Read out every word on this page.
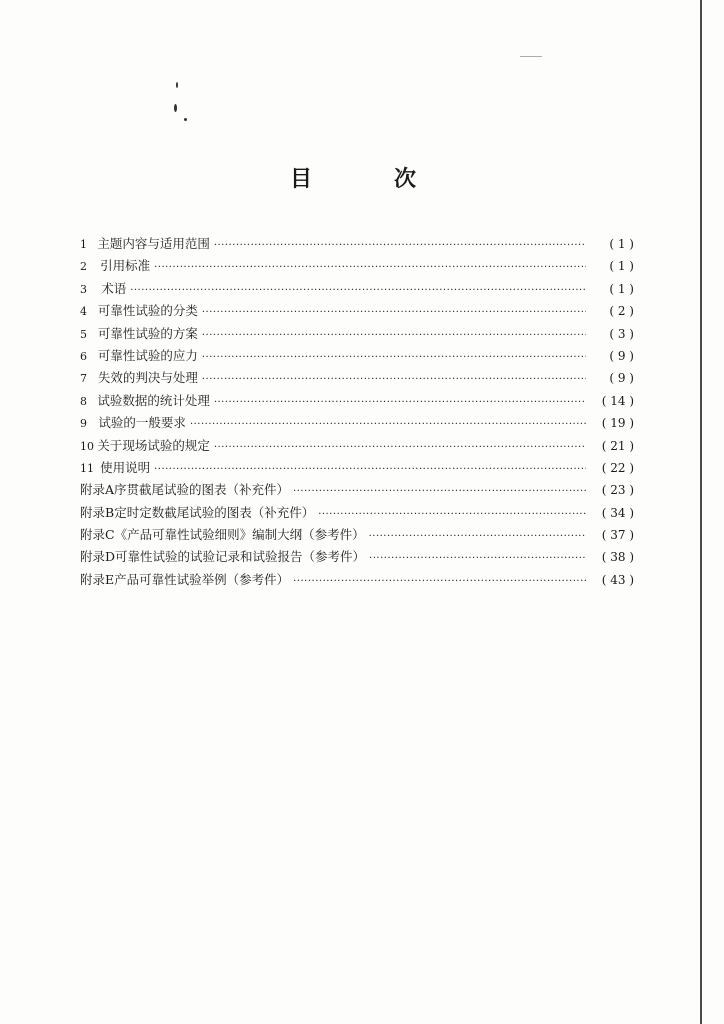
目　次
1 主题内容与适用范围 ·····	( 1 )
2	引用标准 ·····	( 1 )
3	术语 ·····	( 1 )
4 可靠性试验的分类 ·····	( 2 )
5 可靠性试验的方案 ·····	( 3 )
6 可靠性试验的应力 ·····	( 9 )
7 失效的判决与处理 ·····	( 9 )
8 试验数据的统计处理 ·····	( 14 )
9 试验的一般要求 ·····	( 19 )
10 关于现场试验的规定 ·····	( 21 )
11 使用说明 ·····	( 22 )
附录A 序贯截尾试验的图表（补充件） ·····	( 23 )
附录B 定时定数截尾试验的图表（补充件） ·····	( 34 )
附录C 《产品可靠性试验细则》编制大纲（参考件） ·····	( 37 )
附录D 可靠性试验的试验记录和试验报告（参考件） ·····	( 38 )
附录E 产品可靠性试验举例（参考件） ·····	( 43 )
